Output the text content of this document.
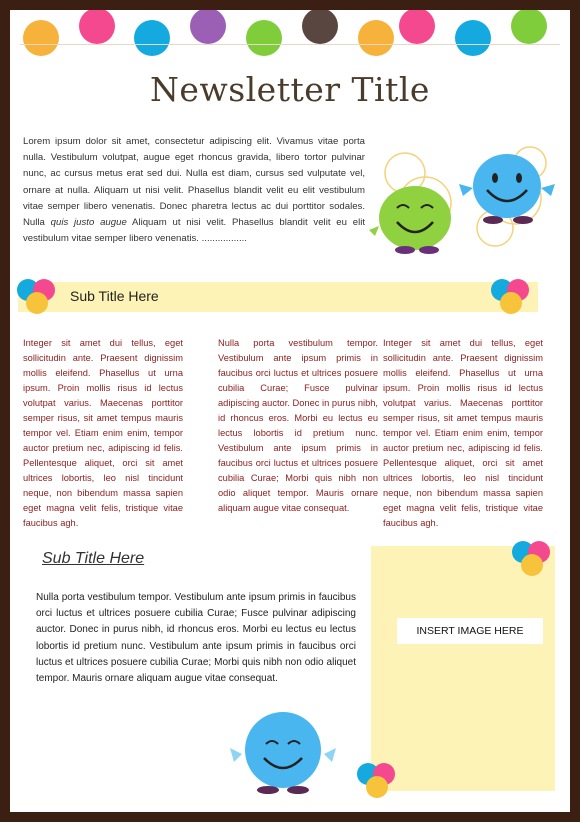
Newsletter Title
Lorem ipsum dolor sit amet, consectetur adipiscing elit. Vivamus vitae porta nulla. Vestibulum volutpat, augue eget rhoncus gravida, libero tortor pulvinar nunc, ac cursus metus erat sed dui. Nulla est diam, cursus sed vulputate vel, ornare at nulla. Aliquam ut nisi velit. Phasellus blandit velit eu elit vestibulum vitae semper libero venenatis. Donec pharetra lectus ac dui porttitor sodales. Nulla quis justo augue Aliquam ut nisi velit. Phasellus blandit velit eu elit vestibulum vitae semper libero venenatis. .................
Sub Title Here
Integer sit amet dui tellus, eget sollicitudin ante. Praesent dignissim mollis eleifend. Phasellus ut urna ipsum. Proin mollis risus id lectus volutpat varius. Maecenas porttitor semper risus, sit amet tempus mauris tempor vel. Etiam enim enim, tempor auctor pretium nec, adipiscing id felis. Pellentesque aliquet, orci sit amet ultrices lobortis, leo nisl tincidunt neque, non bibendum massa sapien eget magna velit felis, tristique vitae faucibus agh.
Nulla porta vestibulum tempor. Vestibulum ante ipsum primis in faucibus orci luctus et ultrices posuere cubilia Curae; Fusce pulvinar adipiscing auctor. Donec in purus nibh, id rhoncus eros. Morbi eu lectus eu lectus lobortis id pretium nunc. Vestibulum ante ipsum primis in faucibus orci luctus et ultrices posuere cubilia Curae; Morbi quis nibh non odio aliquet tempor. Mauris ornare aliquam augue vitae consequat.
Integer sit amet dui tellus, eget sollicitudin ante. Praesent dignissim mollis eleifend. Phasellus ut urna ipsum. Proin mollis risus id lectus volutpat varius. Maecenas porttitor semper risus, sit amet tempus mauris tempor vel. Etiam enim enim, tempor auctor pretium nec, adipiscing id felis. Pellentesque aliquet, orci sit amet ultrices lobortis, leo nisl tincidunt neque, non bibendum massa sapien eget magna velit felis, tristique vitae faucibus agh.
Sub Title Here
Nulla porta vestibulum tempor. Vestibulum ante ipsum primis in faucibus orci luctus et ultrices posuere cubilia Curae; Fusce pulvinar adipiscing auctor. Donec in purus nibh, id rhoncus eros. Morbi eu lectus eu lectus lobortis id pretium nunc. Vestibulum ante ipsum primis in faucibus orci luctus et ultrices posuere cubilia Curae; Morbi quis nibh non odio aliquet tempor. Mauris ornare aliquam augue vitae consequat.
INSERT IMAGE HERE
